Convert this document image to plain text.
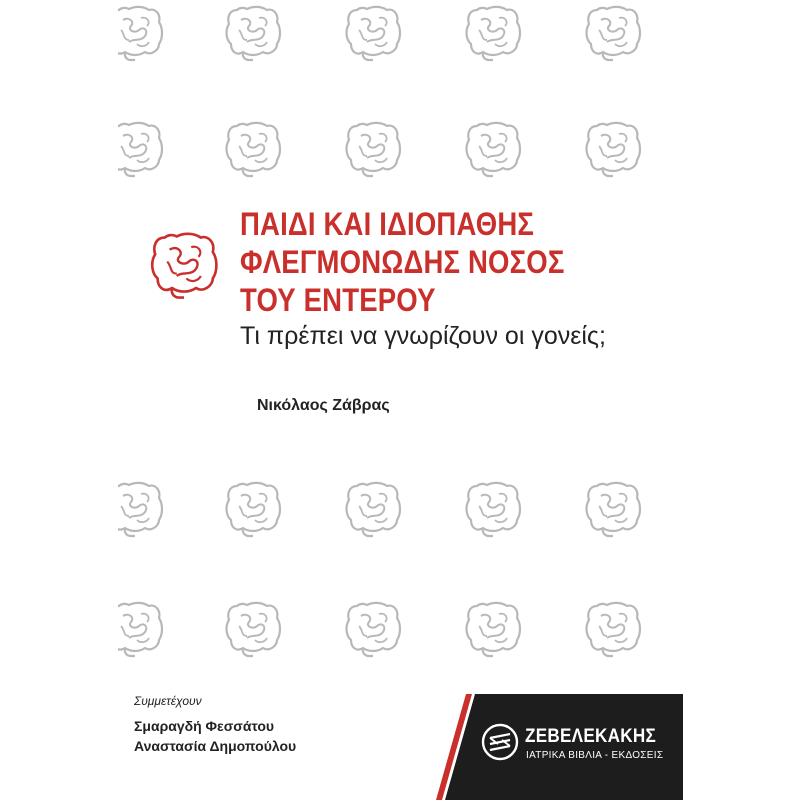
ΠΑΙΔΙ ΚΑΙ ΙΔΙΟΠΑΘΗΣ
ΦΛΕΓΜΟΝΩΔΗΣ ΝΟΣΟΣ
ΤΟΥ ΕΝΤΕΡΟΥ
Τι πρέπει να γνωρίζουν οι γονείς;
Νικόλαος Ζάβρας
Συμμετέχουν
Σμαραγδή Φεσσάτου
Αναστασία Δημοπούλου	ΖΕΒΕΛΕΚΑΚΗΣ
ΙΑΤΡΙΚΑ ΒΙΒΛΙΑ - ΕΚΔΟΣΕΙΣ
